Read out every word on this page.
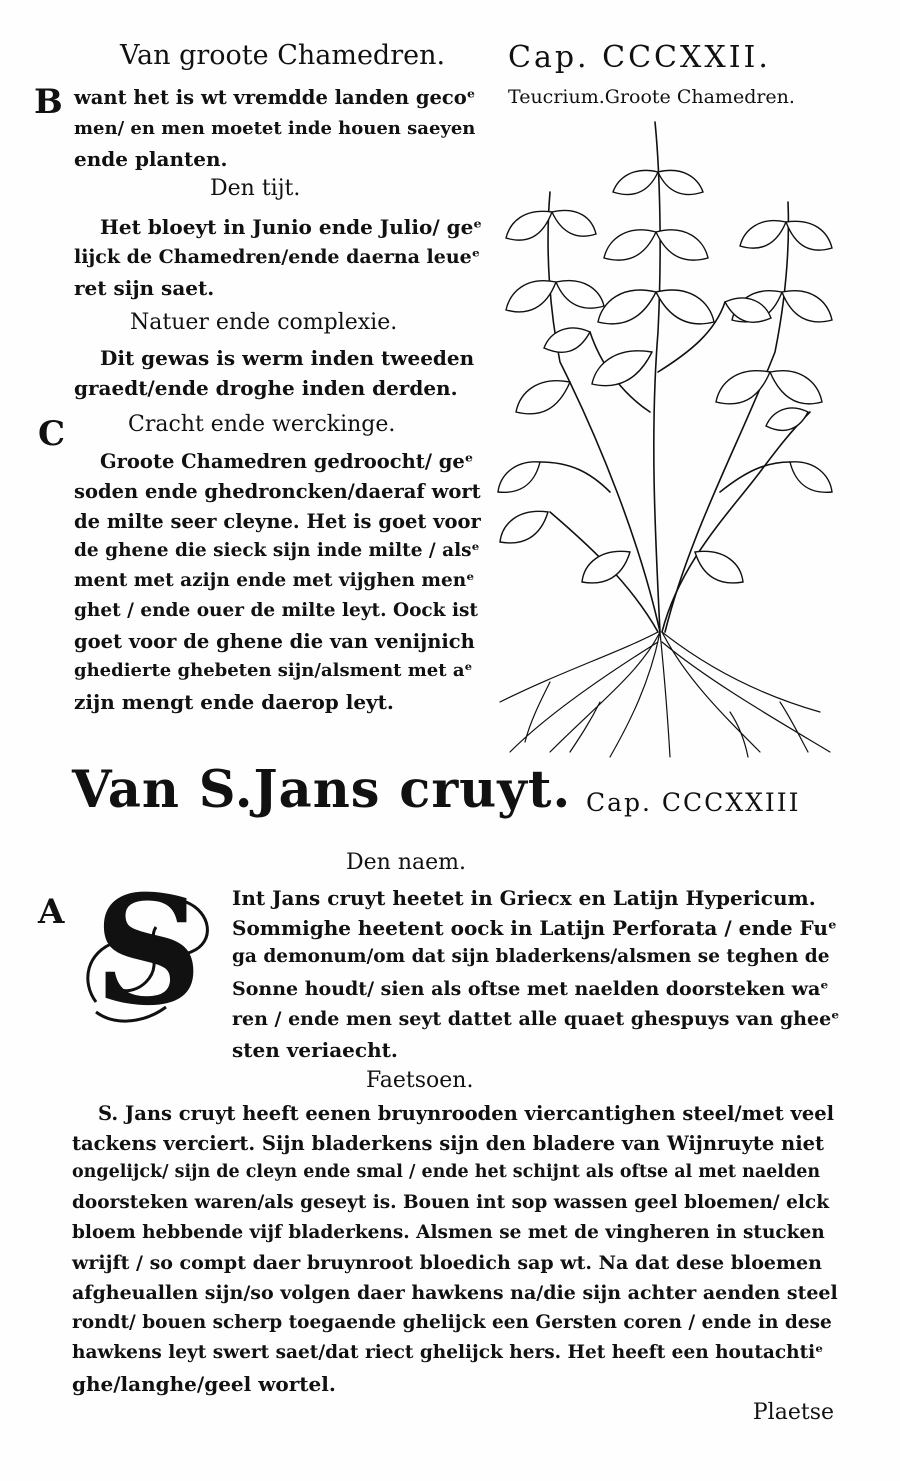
Van groote Chamedren. Cap. CCCXXII.
Teucrium.Groote Chamedren.
B want het is wt vremdde landen gecoᵉ
men/ en men moetet inde houen saeyen
ende planten.
Den tijt.
Het bloeyt in Junio ende Julio/ geᵉ
lijck de Chamedren/ende daerna leueᵉ
ret sijn saet.
Natuer ende complexie.
Dit gewas is werm inden tweeden
graedt/ende droghe inden derden.
C	Cracht ende werckinge.
Groote Chamedren gedroocht/ geᵉ
soden ende ghedroncken/daeraf wort
de milte seer cleyne. Het is goet voor
de ghene die sieck sijn inde milte / alsᵉ
ment met azijn ende met vijghen menᵉ
ghet / ende ouer de milte leyt. Oock ist
goet voor de ghene die van venijnich
ghedierte ghebeten sijn/alsment met aᵉ
zijn mengt ende daerop leyt.
Van S.Jans cruyt. Cap. CCCXXIII
Den naem.
A S Int Jans cruyt heetet in Griecx en Latijn Hypericum.
Sommighe heetent oock in Latijn Perforata / ende Fuᵉ
ga demonum/om dat sijn bladerkens/alsmen se teghen de
Sonne houdt/ sien als oftse met naelden doorsteken waᵉ
ren / ende men seyt dattet alle quaet ghespuys van gheeᵉ
sten veriaecht.
Faetsoen.
S. Jans cruyt heeft eenen bruynrooden viercantighen steel/met veel
tackens verciert. Sijn bladerkens sijn den bladere van Wijnruyte niet
ongelijck/ sijn de cleyn ende smal / ende het schijnt als oftse al met naelden
doorsteken waren/als geseyt is. Bouen int sop wassen geel bloemen/ elck
bloem hebbende vijf bladerkens. Alsmen se met de vingheren in stucken
wrijft / so compt daer bruynroot bloedich sap wt. Na dat dese bloemen
afgheuallen sijn/so volgen daer hawkens na/die sijn achter aenden steel
rondt/ bouen scherp toegaende ghelijck een Gersten coren / ende in dese
hawkens leyt swert saet/dat riect ghelijck hers. Het heeft een houtachtiᵉ
ghe/langhe/geel wortel.
Plaetse
